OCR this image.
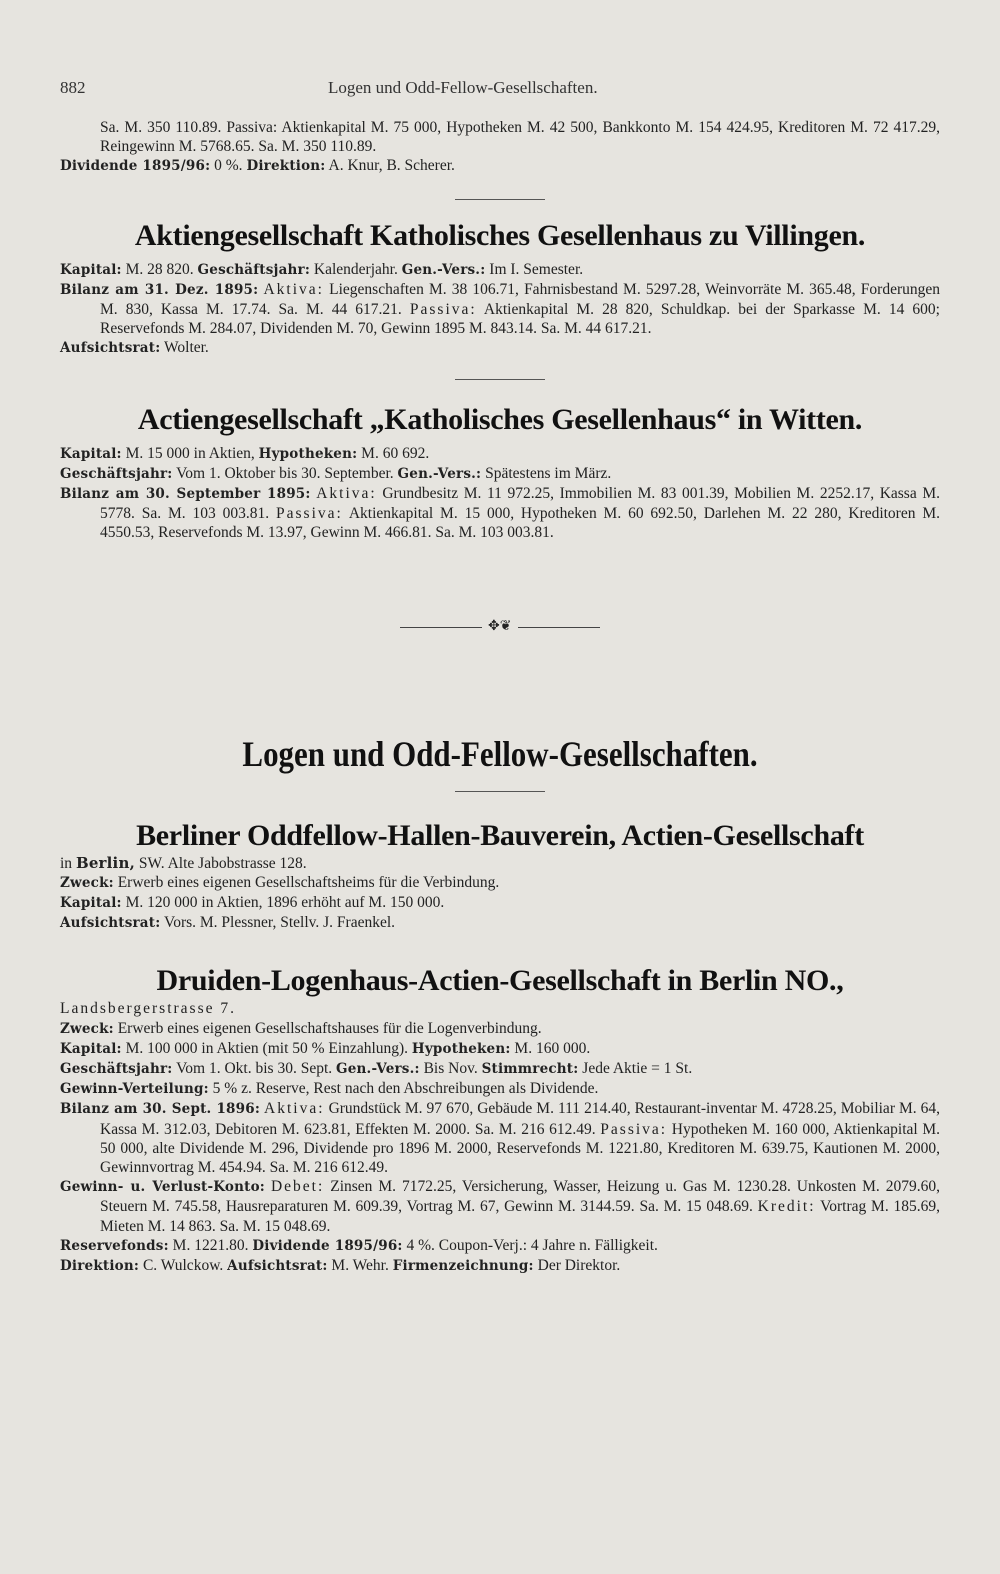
882	Logen und Odd-Fellow-Gesellschaften.

Sa. M. 350 110.89. Passiva: Aktienkapital M. 75 000, Hypotheken M. 42 500, Bankkonto M. 154 424.95, Kreditoren M. 72 417.29, Reingewinn M. 5768.65. Sa. M. 350 110.89.

Dividende 1895/96: 0 %. Direktion: A. Knur, B. Scherer.

Aktiengesellschaft Katholisches Gesellenhaus zu Villingen.

Kapital: M. 28 820. Geschäftsjahr: Kalenderjahr. Gen.-Vers.: Im I. Semester.

Bilanz am 31. Dez. 1895: Aktiva: Liegenschaften M. 38 106.71, Fahrnisbestand M. 5297.28, Weinvorräte M. 365.48, Forderungen M. 830, Kassa M. 17.74. Sa. M. 44 617.21. Passiva: Aktienkapital M. 28 820, Schuldkap. bei der Sparkasse M. 14 600; Reservefonds M. 284.07, Dividenden M. 70, Gewinn 1895 M. 843.14. Sa. M. 44 617.21.

Aufsichtsrat: Wolter.

Actiengesellschaft „Katholisches Gesellenhaus“ in Witten.

Kapital: M. 15 000 in Aktien, Hypotheken: M. 60 692.

Geschäftsjahr: Vom 1. Oktober bis 30. September. Gen.-Vers.: Spätestens im März.

Bilanz am 30. September 1895: Aktiva: Grundbesitz M. 11 972.25, Immobilien M. 83 001.39, Mobilien M. 2252.17, Kassa M. 5778. Sa. M. 103 003.81. Passiva: Aktienkapital M. 15 000, Hypotheken M. 60 692.50, Darlehen M. 22 280, Kreditoren M. 4550.53, Reservefonds M. 13.97, Gewinn M. 466.81. Sa. M. 103 003.81.

✥❦
Logen und Odd-Fellow-Gesellschaften.
Berliner Oddfellow-Hallen-Bauverein, Actien-Gesellschaft

in Berlin, SW. Alte Jabobstrasse 128.

Zweck: Erwerb eines eigenen Gesellschaftsheims für die Verbindung.

Kapital: M. 120 000 in Aktien, 1896 erhöht auf M. 150 000.

Aufsichtsrat: Vors. M. Plessner, Stellv. J. Fraenkel.

Druiden-Logenhaus-Actien-Gesellschaft in Berlin NO.,

Landsbergerstrasse 7.

Zweck: Erwerb eines eigenen Gesellschaftshauses für die Logenverbindung.

Kapital: M. 100 000 in Aktien (mit 50 % Einzahlung). Hypotheken: M. 160 000.

Geschäftsjahr: Vom 1. Okt. bis 30. Sept. Gen.-Vers.: Bis Nov. Stimmrecht: Jede Aktie = 1 St.

Gewinn-Verteilung: 5 % z. Reserve, Rest nach den Abschreibungen als Dividende.

Bilanz am 30. Sept. 1896: Aktiva: Grundstück M. 97 670, Gebäude M. 111 214.40, Restaurant-inventar M. 4728.25, Mobiliar M. 64, Kassa M. 312.03, Debitoren M. 623.81, Effekten M. 2000. Sa. M. 216 612.49. Passiva: Hypotheken M. 160 000, Aktienkapital M. 50 000, alte Dividende M. 296, Dividende pro 1896 M. 2000, Reservefonds M. 1221.80, Kreditoren M. 639.75, Kautionen M. 2000, Gewinnvortrag M. 454.94. Sa. M. 216 612.49.

Gewinn- u. Verlust-Konto: Debet: Zinsen M. 7172.25, Versicherung, Wasser, Heizung u. Gas M. 1230.28. Unkosten M. 2079.60, Steuern M. 745.58, Hausreparaturen M. 609.39, Vortrag M. 67, Gewinn M. 3144.59. Sa. M. 15 048.69. Kredit: Vortrag M. 185.69, Mieten M. 14 863. Sa. M. 15 048.69.

Reservefonds: M. 1221.80. Dividende 1895/96: 4 %. Coupon-Verj.: 4 Jahre n. Fälligkeit.

Direktion: C. Wulckow. Aufsichtsrat: M. Wehr. Firmenzeichnung: Der Direktor.
